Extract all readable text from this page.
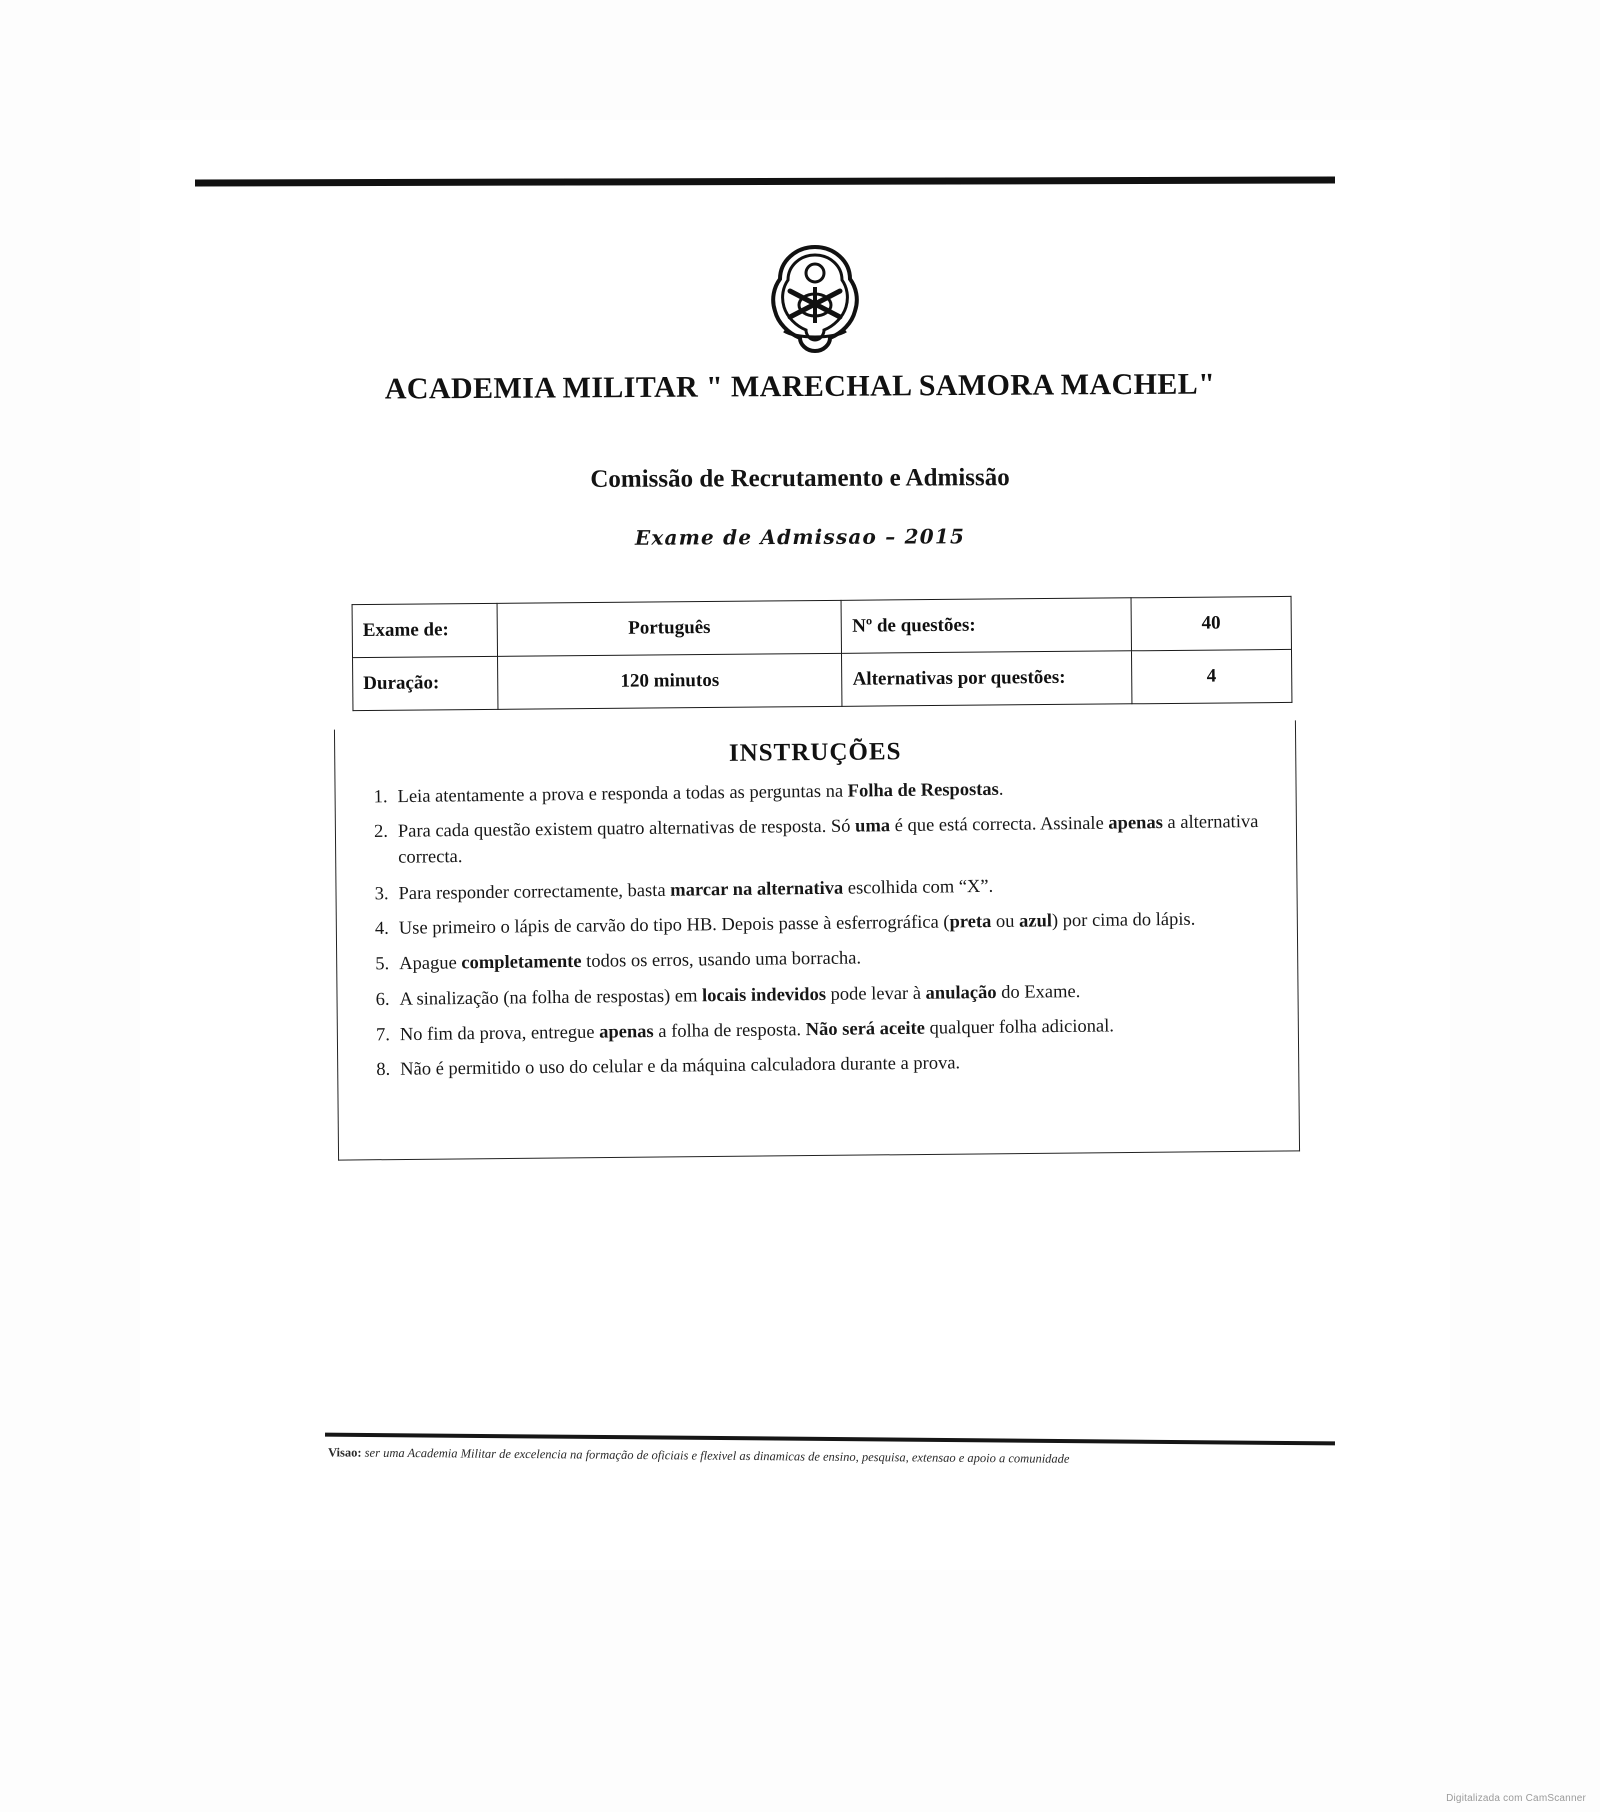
ACADEMIA MILITAR " MARECHAL SAMORA MACHEL"
Comissão de Recrutamento e Admissão
Exame de Admissao – 2015
Exame de:	Português	Nº de questões:	40
Duração:	120 minutos	Alternativas por questões:	4
INSTRUÇÕES
1. Leia atentamente a prova e responda a todas as perguntas na Folha de Respostas.
2. Para cada questão existem quatro alternativas de resposta. Só uma é que está correcta. Assinale apenas a alternativa correcta.
3. Para responder correctamente, basta marcar na alternativa escolhida com “X”.
4. Use primeiro o lápis de carvão do tipo HB. Depois passe à esferrográfica (preta ou azul) por cima do lápis.
5. Apague completamente todos os erros, usando uma borracha.
6. A sinalização (na folha de respostas) em locais indevidos pode levar à anulação do Exame.
7. No fim da prova, entregue apenas a folha de resposta. Não será aceite qualquer folha adicional.
8. Não é permitido o uso do celular e da máquina calculadora durante a prova.
Visao: ser uma Academia Militar de excelencia na formação de oficiais e flexivel as dinamicas de ensino, pesquisa, extensao e apoio a comunidade
Digitalizada com CamScanner
